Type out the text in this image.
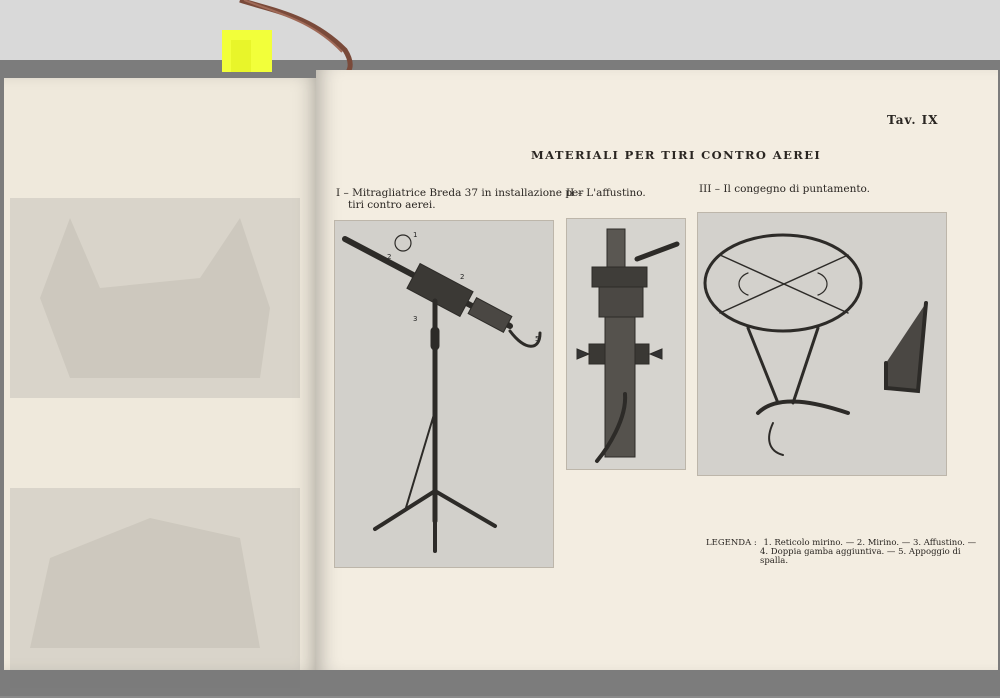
Tav. IX
MATERIALI PER TIRI CONTRO AEREI
I – Mitragliatrice Breda 37 in installazione per
tiri contro aerei.
II – L'affustino.	III – Il congegno di puntamento.
1
2
2
3
5
LEGENDA : 1. Reticolo mirino. — 2. Mirino. — 3. Affustino. —
4. Doppia gamba aggiuntiva. — 5. Appoggio di
spalla.
